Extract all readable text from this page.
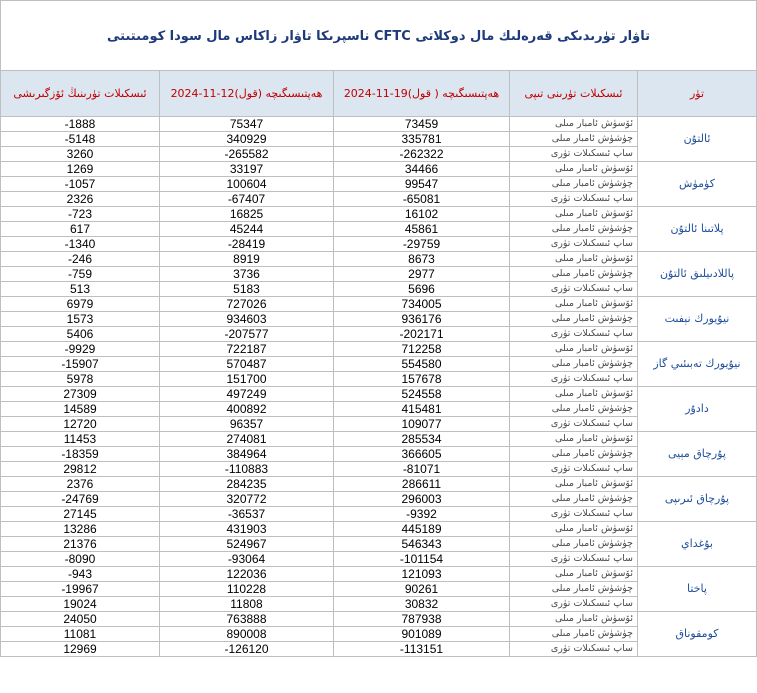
ناسپرىكا تاۋار زاكاس مال سودا كومىتىتى CFTC تاۋار تۈرىدىكى قەرەلىك مال دوكلاتى
ئىسكىلات تۈرىنىڭ ئۆزگىرىشى	2024-11-12ھەپتىسىگىچە (قول)	2024-11-19ھەپتىسىگىچە ( قول)	ئىسكىلات تۈرىنى تىپى	تۈر
-1888	75347	73459	ئۆسۈش ئامبار مىلى	ئالتۇن
-5148	340929	335781	چۈشۈش ئامبار مىلى	
3260	-265582	-262322	ساپ ئىسكىلات تۈرى	
1269	33197	34466	ئۆسۈش ئامبار مىلى	كۈمۈش
-1057	100604	99547	چۈشۈش ئامبار مىلى	
2326	-67407	-65081	ساپ ئىسكىلات تۈرى	
-723	16825	16102	ئۆسۈش ئامبار مىلى	پلاتىنا ئالتۇن
617	45244	45861	چۈشۈش ئامبار مىلى	
-1340	-28419	-29759	ساپ ئىسكىلات تۈرى	
-246	8919	8673	ئۆسۈش ئامبار مىلى	پاللادىيلىق ئالتۇن
-759	3736	2977	چۈشۈش ئامبار مىلى	
513	5183	5696	ساپ ئىسكىلات تۈرى	
6979	727026	734005	ئۆسۈش ئامبار مىلى	نيۇيورك نېفىت
1573	934603	936176	چۈشۈش ئامبار مىلى	
5406	-207577	-202171	ساپ ئىسكىلات تۈرى	
-9929	722187	712258	ئۆسۈش ئامبار مىلى	نيۇيورك تەبىئىي گاز
-15907	570487	554580	چۈشۈش ئامبار مىلى	
5978	151700	157678	ساپ ئىسكىلات تۈرى	
27309	497249	524558	ئۆسۈش ئامبار مىلى	دادۇر
14589	400892	415481	چۈشۈش ئامبار مىلى	
12720	96357	109077	ساپ ئىسكىلات تۈرى	
11453	274081	285534	ئۆسۈش ئامبار مىلى	پۇرچاق مېيى
-18359	384964	366605	چۈشۈش ئامبار مىلى	
29812	-110883	-81071	ساپ ئىسكىلات تۈرى	
2376	284235	286611	ئۆسۈش ئامبار مىلى	پۇرچاق ئىرىپى
-24769	320772	296003	چۈشۈش ئامبار مىلى	
27145	-36537	-9392	ساپ ئىسكىلات تۈرى	
13286	431903	445189	ئۆسۈش ئامبار مىلى	بۇغداي
21376	524967	546343	چۈشۈش ئامبار مىلى	
-8090	-93064	-101154	ساپ ئىسكىلات تۈرى	
-943	122036	121093	ئۆسۈش ئامبار مىلى	پاختا
-19967	110228	90261	چۈشۈش ئامبار مىلى	
19024	11808	30832	ساپ ئىسكىلات تۈرى	
24050	763888	787938	ئۆسۈش ئامبار مىلى	كومقوناق
11081	890008	901089	چۈشۈش ئامبار مىلى	
12969	-126120	-113151	ساپ ئىسكىلات تۈرى	
